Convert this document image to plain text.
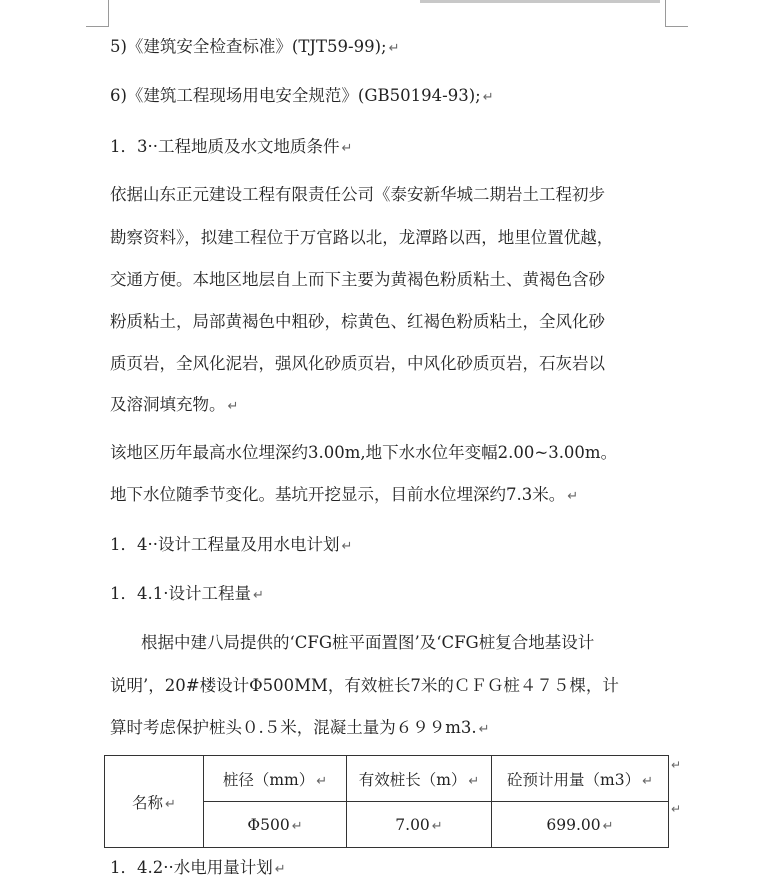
5)《建筑安全检查标准》(TJT59-99); ↵
6)《建筑工程现场用电安全规范》(GB50194-93); ↵
1．3··工程地质及水文地质条件 ↵
依据山东正元建设工程有限责任公司《泰安新华城二期岩土工程初步
勘察资料》，拟建工程位于万官路以北，龙潭路以西，地里位置优越，
交通方便。本地区地层自上而下主要为黄褐色粉质粘土、黄褐色含砂
粉质粘土，局部黄褐色中粗砂，棕黄色、红褐色粉质粘土，全风化砂
质页岩，全风化泥岩，强风化砂质页岩，中风化砂质页岩，石灰岩以
及溶洞填充物。 ↵
该地区历年最高水位埋深约3.00m,地下水水位年变幅2.00~3.00m。
地下水位随季节变化。基坑开挖显示，目前水位埋深约7.3米。 ↵
1．4··设计工程量及用水电计划 ↵
1．4.1·设计工程量 ↵
根据中建八局提供的‘CFG桩平面置图’及‘CFG桩复合地基设计
说明’，20#楼设计Φ500MM，有效桩长7米的ＣＦＧ桩４７５棵，计
算时考虑保护桩头０.５米，混凝土量为６９９m3. ↵
名称 ↵	桩径（mm） ↵	有效桩长（m） ↵	砼预计用量（m3） ↵
	Φ500 ↵	7.00 ↵	699.00 ↵
↵
↵
1．4.2··水电用量计划 ↵
